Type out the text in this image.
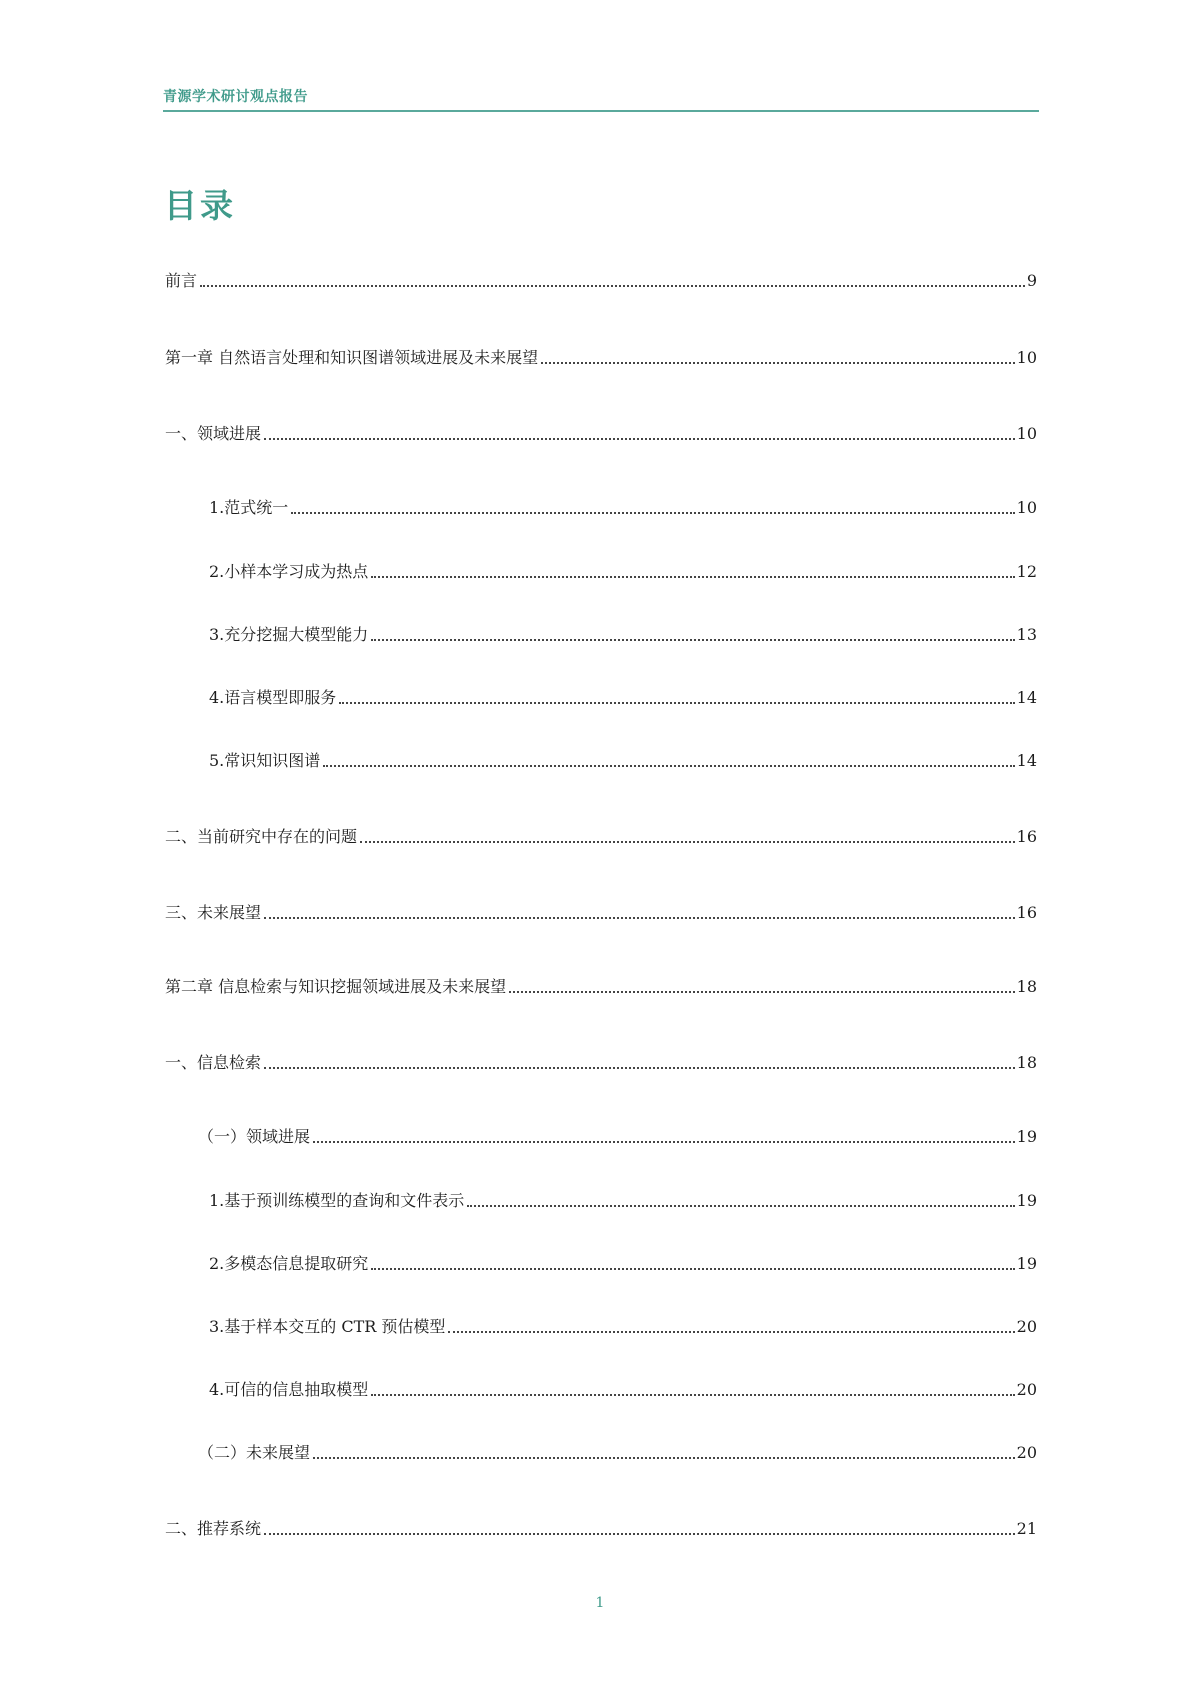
青源学术研讨观点报告
目录
前言	9
第一章 自然语言处理和知识图谱领域进展及未来展望	10
一、领域进展	10
1.范式统一	10
2.小样本学习成为热点	12
3.充分挖掘大模型能力	13
4.语言模型即服务	14
5.常识知识图谱	14
二、当前研究中存在的问题	16
三、未来展望	16
第二章 信息检索与知识挖掘领域进展及未来展望	18
一、信息检索	18
（一）领域进展	19
1.基于预训练模型的查询和文件表示	19
2.多模态信息提取研究	19
3.基于样本交互的 CTR 预估模型	20
4.可信的信息抽取模型	20
（二）未来展望	20
二、推荐系统	21
1
